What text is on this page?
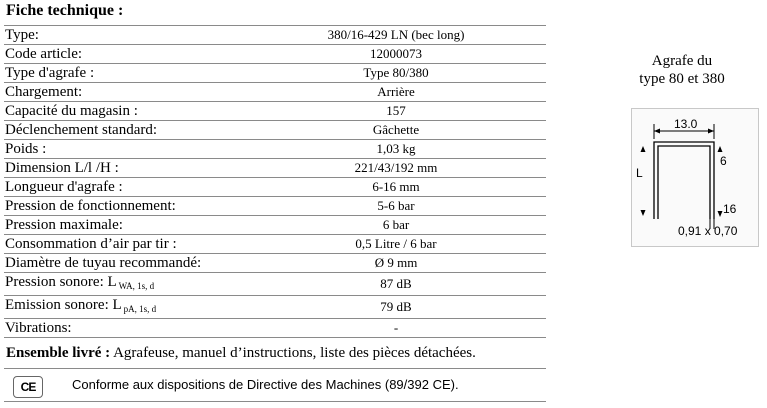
Fiche technique :
Type:	380/16-429 LN (bec long)
Code article:	12000073
Type d'agrafe :	Type 80/380
Chargement:	Arrière
Capacité du magasin :	157
Déclenchement standard:	Gâchette
Poids :	1,03 kg
Dimension L/l /H :	221/43/192 mm
Longueur d'agrafe :	6-16 mm
Pression de fonctionnement:	5-6 bar
Pression maximale:	6 bar
Consommation d’air par tir :	0,5 Litre / 6 bar
Diamètre de tuyau recommandé:	Ø 9 mm
Pression sonore: L $_{WA, 1s, d}$	87 dB
Emission sonore: L $_{pA, 1s, d}$	79 dB
Vibrations:	-
Ensemble livré : Agrafeuse, manuel d’instructions, liste des pièces détachées.
CE	Conforme aux dispositions de Directive des Machines (89/392 CE).
Agrafe du
type 80 et 380
13.0
L
6
16
0,91 x 0,70
